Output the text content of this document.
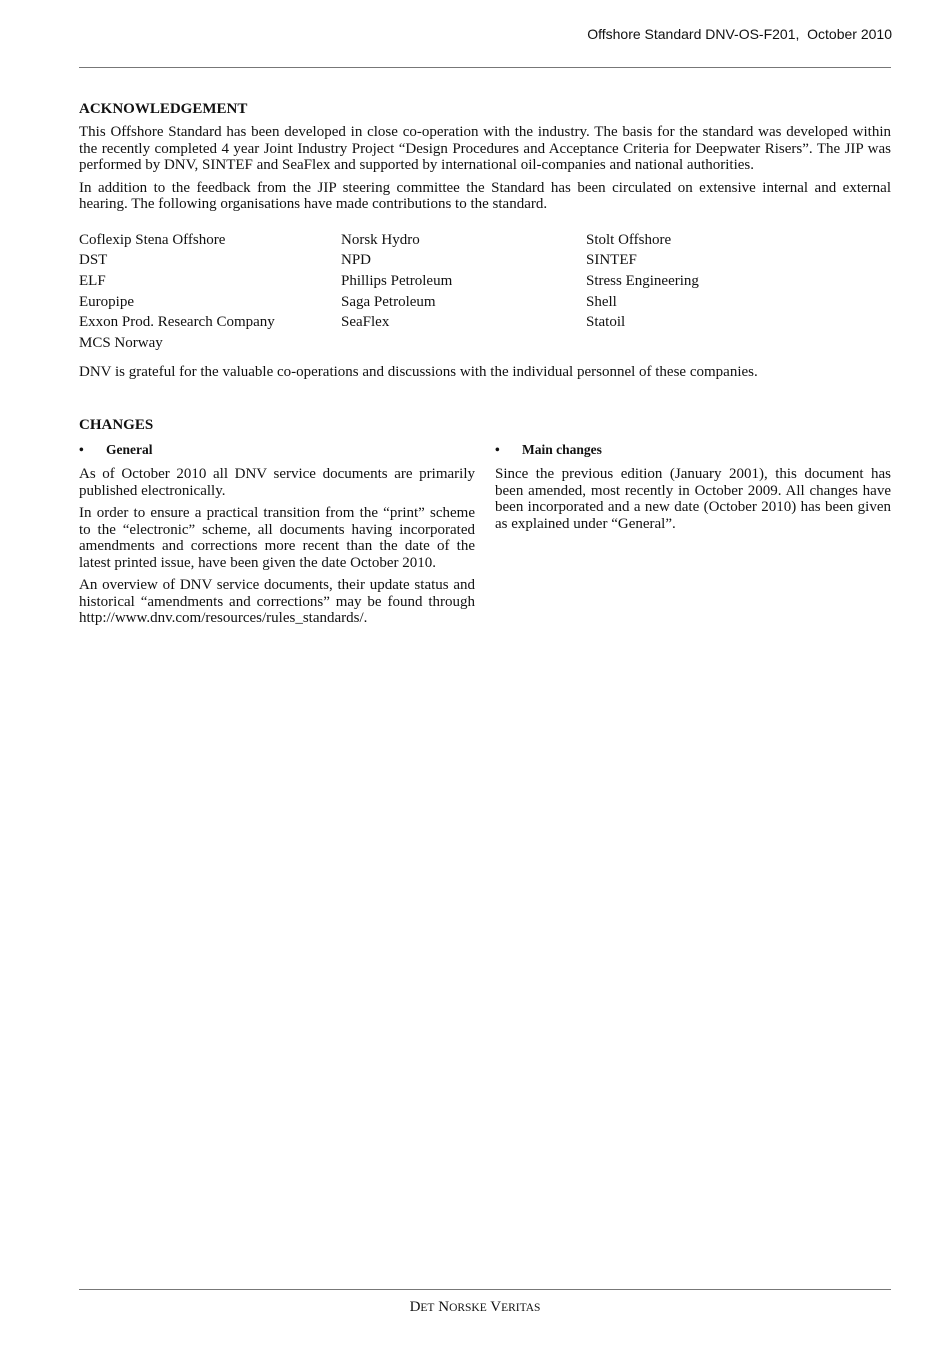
Offshore Standard DNV-OS-F201,  October 2010
ACKNOWLEDGEMENT

This Offshore Standard has been developed in close co-operation with the industry. The basis for the standard was developed within the recently completed 4 year Joint Industry Project “Design Procedures and Acceptance Criteria for Deepwater Risers”. The JIP was performed by DNV, SINTEF and SeaFlex and supported by international oil-companies and national authorities.

In addition to the feedback from the JIP steering committee the Standard has been circulated on extensive internal and external hearing. The following organisations have made contributions to the standard.

Coflexip Stena Offshore
DST
ELF
Europipe
Exxon Prod. Research Company
MCS Norway
Norsk Hydro
NPD
Phillips Petroleum
Saga Petroleum
SeaFlex
Stolt Offshore
SINTEF
Stress Engineering
Shell
Statoil

DNV is grateful for the valuable co-operations and discussions with the individual personnel of these companies.

CHANGES
•	General

As of October 2010 all DNV service documents are primarily published electronically.

In order to ensure a practical transition from the “print” scheme to the “electronic” scheme, all documents having incorporated amendments and corrections more recent than the date of the latest printed issue, have been given the date October 2010.

An overview of DNV service documents, their update status and historical “amendments and corrections” may be found through http://www.dnv.com/resources/rules_standards/.

•	Main changes

Since the previous edition (January 2001), this document has been amended, most recently in October 2009. All changes have been incorporated and a new date (October 2010) has been given as explained under “General”.

DET NORSKE VERITAS
